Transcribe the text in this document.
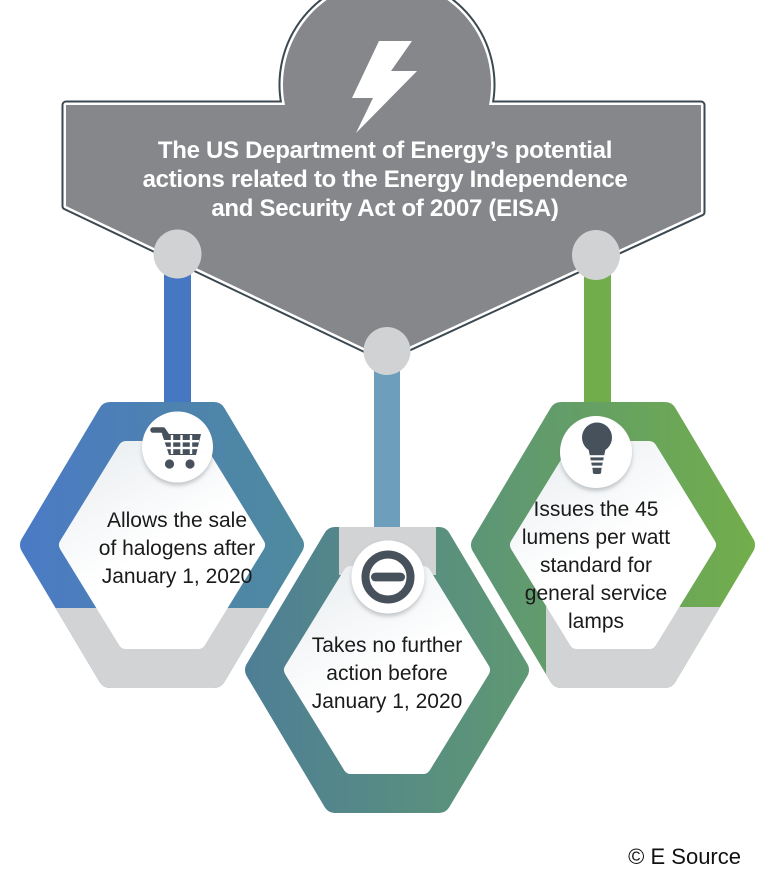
The US Department of Energy’s potential
actions related to the Energy Independence
and Security Act of 2007 (EISA)
Allows the sale
of halogens after
January 1, 2020
Issues the 45
lumens per watt
standard for
general service
lamps
Takes no further
action before
January 1, 2020
© E Source
